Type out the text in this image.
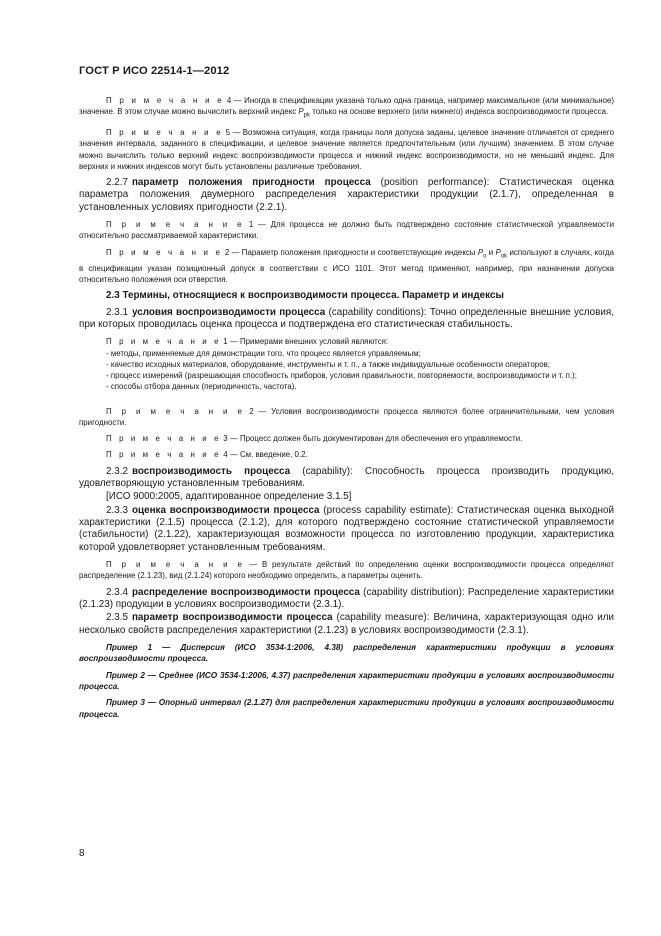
ГОСТ Р ИСО 22514-1—2012

П р и м е ч а н и е 4 — Иногда в спецификации указана только одна граница, например максимальное (или минимальное) значение. В этом случае можно вычислить верхний индекс $P_{pk}$ только на основе верхнего (или нижнего) индекса воспроизводимости процесса.

П р и м е ч а н и е 5 — Возможна ситуация, когда границы поля допуска заданы, целевое значение отличается от среднего значения интервала, заданного в спецификации, и целевое значение является предпочтительным (или лучшим) значением. В этом случае можно вычислить только верхний индекс воспроизводимости процесса и нижний индекс воспроизводимости, но не меньший индекс. Для верхних и нижних индексов могут быть установлены различные требования.

2.2.7 параметр положения пригодности процесса (position performance): Статистическая оценка параметра положения двумерного распределения характеристики продукции (2.1.7), определенная в установленных условиях пригодности (2.2.1).

П р и м е ч а н и е 1 — Для процесса не должно быть подтверждено состояние статистической управляемости относительно рассматриваемой характеристики.

П р и м е ч а н и е 2 — Параметр положения пригодности и соответствующие индексы $P_o$ и $P_{ok}$ используют в случаях, когда в спецификации указан позиционный допуск в соответствии с ИСО 1101. Этот метод применяют, например, при назначении допуска относительно положения оси отверстия.

2.3 Термины, относящиеся к воспроизводимости процесса. Параметр и индексы

2.3.1 условия воспроизводимости процесса (capability conditions): Точно определенные внешние условия, при которых проводилась оценка процесса и подтверждена его статистическая стабильность.

П р и м е ч а н и е 1 — Примерами внешних условий являются:

- методы, применяемые для демонстрации того, что процесс является управляемым;

- качество исходных материалов, оборудование, инструменты и т. п., а также индивидуальные особенности операторов;

- процесс измерений (разрешающая способность приборов, условия правильности, повторяемости, воспроизводимости и т. п.);

- способы отбора данных (периодичность, частота).

П р и м е ч а н и е 2 — Условия воспроизводимости процесса являются более ограничительными, чем условия пригодности.

П р и м е ч а н и е 3 — Процесс должен быть документирован для обеспечения его управляемости.

П р и м е ч а н и е 4 — См. введение, 0.2.

2.3.2 воспроизводимость процесса (capability): Способность процесса производить продукцию, удовлетворяющую установленным требованиям.

[ИСО 9000:2005, адаптированное определение 3.1.5]

2.3.3 оценка воспроизводимости процесса (process capability estimate): Статистическая оценка выходной характеристики (2.1.5) процесса (2.1.2), для которого подтверждено состояние статистической управляемости (стабильности) (2.1.22), характеризующая возможности процесса по изготовлению продукции, характеристика которой удовлетворяет установленным требованиям.

П р и м е ч а н и е — В результате действий по определению оценки воспроизводимости процесса определяют распределение (2.1.23), вид (2.1.24) которого необходимо определить, а параметры оценить.

2.3.4 распределение воспроизводимости процесса (capability distribution): Распределение характеристики (2.1.23) продукции в условиях воспроизводимости (2.3.1).

2.3.5 параметр воспроизводимости процесса (capability measure): Величина, характеризующая одно или несколько свойств распределения характеристики (2.1.23) в условиях воспроизводимости (2.3.1).

Пример 1 — Дисперсия (ИСО 3534-1:2006, 4.38) распределения характеристики продукции в условиях воспроизводимости процесса.

Пример 2 — Среднее (ИСО 3534-1:2006, 4.37) распределения характеристики продукции в условиях воспроизводимости процесса.

Пример 3 — Опорный интервал (2.1.27) для распределения характеристики продукции в условиях воспроизводимости процесса.

8
